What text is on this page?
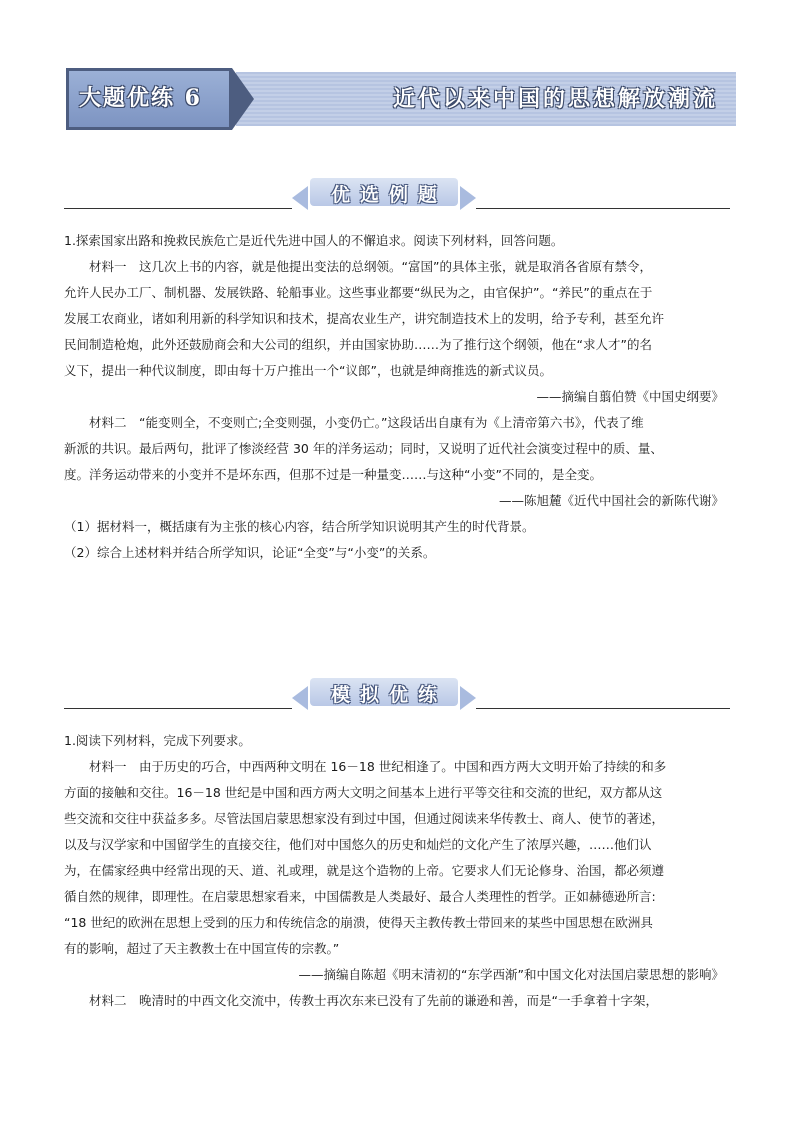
近代以来中国的思想解放潮流
大题优练 6
优选例题

1.探索国家出路和挽救民族危亡是近代先进中国人的不懈追求。阅读下列材料，回答问题。

材料一　这几次上书的内容，就是他提出变法的总纲领。“富国”的具体主张，就是取消各省原有禁令，

允许人民办工厂、制机器、发展铁路、轮船事业。这些事业都要“纵民为之，由官保护”。“养民”的重点在于

发展工农商业，诸如利用新的科学知识和技术，提高农业生产，讲究制造技术上的发明，给予专利，甚至允许

民间制造枪炮，此外还鼓励商会和大公司的组织，并由国家协助……为了推行这个纲领，他在“求人才”的名

义下，提出一种代议制度，即由每十万户推出一个“议郎”，也就是绅商推选的新式议员。

——摘编自翦伯赞《中国史纲要》

材料二　“能变则全，不变则亡;全变则强，小变仍亡。”这段话出自康有为《上清帝第六书》，代表了维

新派的共识。最后两句，批评了惨淡经营 30 年的洋务运动；同时，又说明了近代社会演变过程中的质、量、

度。洋务运动带来的小变并不是坏东西，但那不过是一种量变……与这种“小变”不同的，是全变。

——陈旭麓《近代中国社会的新陈代谢》

（1）据材料一，概括康有为主张的核心内容，结合所学知识说明其产生的时代背景。

（2）综合上述材料并结合所学知识，论证“全变”与“小变”的关系。

模拟优练

1.阅读下列材料，完成下列要求。

材料一　由于历史的巧合，中西两种文明在 16－18 世纪相逢了。中国和西方两大文明开始了持续的和多

方面的接触和交往。16－18 世纪是中国和西方两大文明之间基本上进行平等交往和交流的世纪，双方都从这

些交流和交往中获益多多。尽管法国启蒙思想家没有到过中国，但通过阅读来华传教士、商人、使节的著述，

以及与汉学家和中国留学生的直接交往，他们对中国悠久的历史和灿烂的文化产生了浓厚兴趣，……他们认

为，在儒家经典中经常出现的天、道、礼或理，就是这个造物的上帝。它要求人们无论修身、治国，都必须遵

循自然的规律，即理性。在启蒙思想家看来，中国儒教是人类最好、最合人类理性的哲学。正如赫德逊所言:

“18 世纪的欧洲在思想上受到的压力和传统信念的崩溃，使得天主教传教士带回来的某些中国思想在欧洲具

有的影响，超过了天主教教士在中国宣传的宗教。”

——摘编自陈超《明末清初的“东学西渐”和中国文化对法国启蒙思想的影响》

材料二　晚清时的中西文化交流中，传教士再次东来已没有了先前的谦逊和善，而是“一手拿着十字架，
